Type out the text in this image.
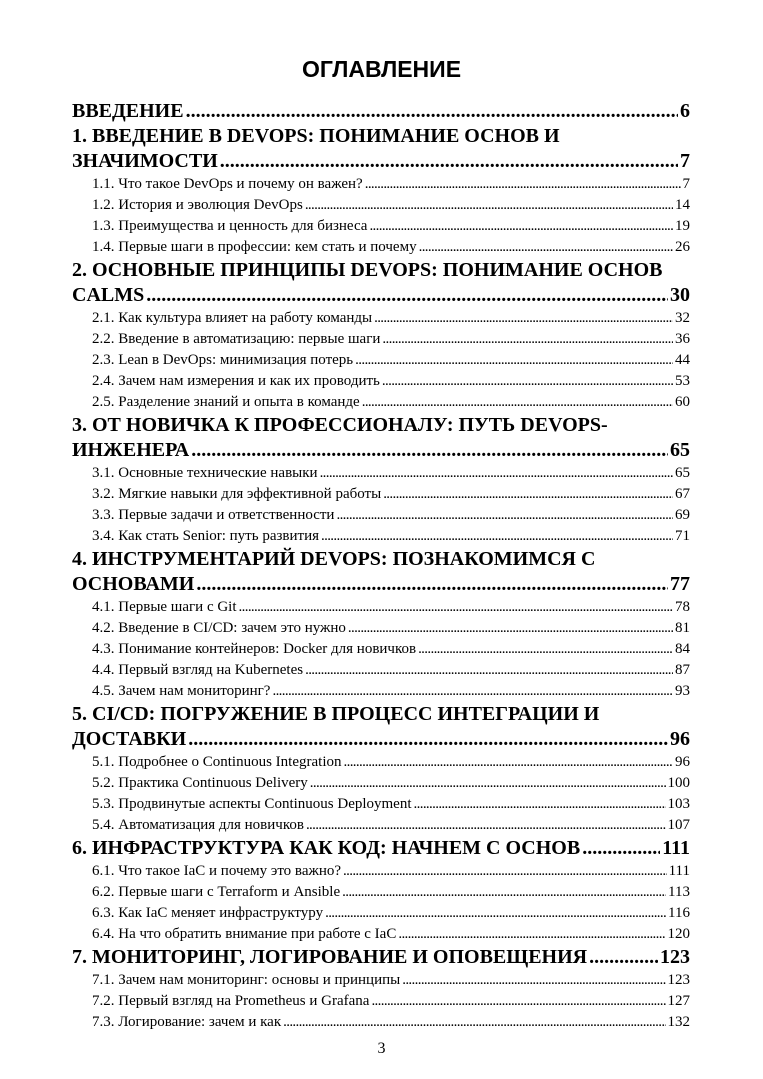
ОГЛАВЛЕНИЕ
ВВЕДЕНИЕ . . .	6
1. ВВЕДЕНИЕ В DEVOPS: ПОНИМАНИЕ ОСНОВ И
ЗНАЧИМОСТИ . . .	7
1.1. Что такое DevOps и почему он важен? . . .	7
1.2. История и эволюция DevOps . . .	14
1.3. Преимущества и ценность для бизнеса . . .	19
1.4. Первые шаги в профессии: кем стать и почему . . .	26
2. ОСНОВНЫЕ ПРИНЦИПЫ DEVOPS: ПОНИМАНИЕ ОСНОВ
CALMS . . .	30
2.1. Как культура влияет на работу команды . . .	32
2.2. Введение в автоматизацию: первые шаги . . .	36
2.3. Lean в DevOps: минимизация потерь . . .	44
2.4. Зачем нам измерения и как их проводить . . .	53
2.5. Разделение знаний и опыта в команде . . .	60
3. ОТ НОВИЧКА К ПРОФЕССИОНАЛУ: ПУТЬ DEVOPS-
ИНЖЕНЕРА . . .	65
3.1. Основные технические навыки . . .	65
3.2. Мягкие навыки для эффективной работы . . .	67
3.3. Первые задачи и ответственности . . .	69
3.4. Как стать Senior: путь развития . . .	71
4. ИНСТРУМЕНТАРИЙ DEVOPS: ПОЗНАКОМИМСЯ С
ОСНОВАМИ . . .	77
4.1. Первые шаги с Git . . .	78
4.2. Введение в CI/CD: зачем это нужно . . .	81
4.3. Понимание контейнеров: Docker для новичков . . .	84
4.4. Первый взгляд на Kubernetes . . .	87
4.5. Зачем нам мониторинг? . . .	93
5. CI/CD: ПОГРУЖЕНИЕ В ПРОЦЕСС ИНТЕГРАЦИИ И
ДОСТАВКИ . . .	96
5.1. Подробнее о Continuous Integration . . .	96
5.2. Практика Continuous Delivery . . .	100
5.3. Продвинутые аспекты Continuous Deployment . . .	103
5.4. Автоматизация для новичков . . .	107
6. ИНФРАСТРУКТУРА КАК КОД: НАЧНЕМ С ОСНОВ . . .	111
6.1. Что такое IaC и почему это важно? . . .	111
6.2. Первые шаги с Terraform и Ansible . . .	113
6.3. Как IaC меняет инфраструктуру . . .	116
6.4. На что обратить внимание при работе с IaC . . .	120
7. МОНИТОРИНГ, ЛОГИРОВАНИЕ И ОПОВЕЩЕНИЯ . . .	123
7.1. Зачем нам мониторинг: основы и принципы . . .	123
7.2. Первый взгляд на Prometheus и Grafana . . .	127
7.3. Логирование: зачем и как . . .	132
3
